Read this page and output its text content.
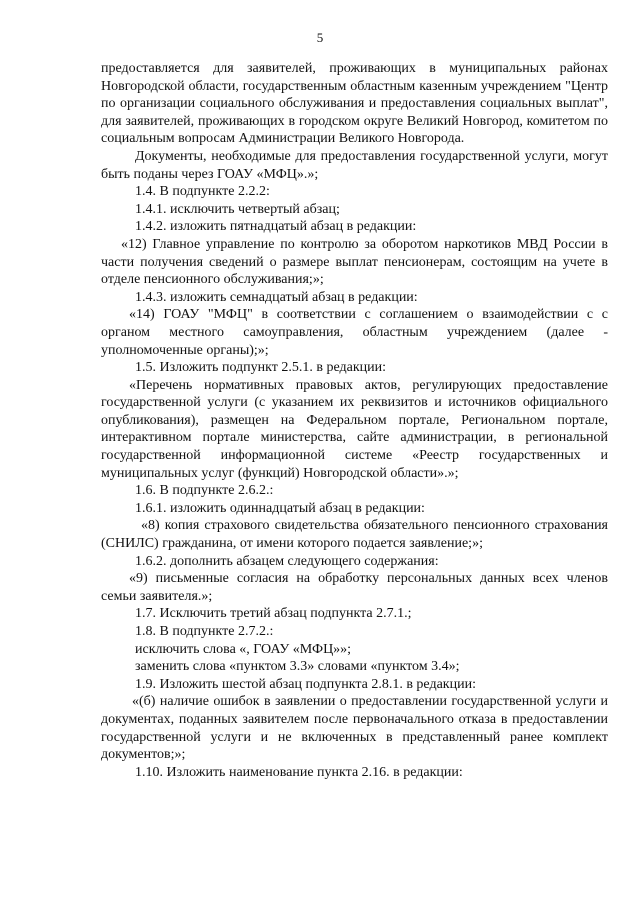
5

предоставляется для заявителей, проживающих в муниципальных районах Новгородской области, государственным областным казенным учреждением "Центр по организации социального обслуживания и предоставления социальных выплат", для заявителей, проживающих в городском округе Великий Новгород, комитетом по социальным вопросам Администрации Великого Новгорода.

Документы, необходимые для предоставления государственной услуги, могут быть поданы через ГОАУ «МФЦ».»;

1.4. В подпункте 2.2.2:

1.4.1. исключить четвертый абзац;

1.4.2. изложить пятнадцатый абзац в редакции:

«12) Главное управление по контролю за оборотом наркотиков МВД России в части получения сведений о размере выплат пенсионерам, состоящим на учете в отделе пенсионного обслуживания;»;

1.4.3. изложить семнадцатый абзац в редакции:

«14) ГОАУ "МФЦ" в соответствии с соглашением о взаимодействии с с органом местного самоуправления, областным учреждением (далее - уполномоченные органы);»;

1.5. Изложить подпункт 2.5.1. в редакции:

«Перечень нормативных правовых актов, регулирующих предоставление государственной услуги (с указанием их реквизитов и источников официального опубликования), размещен на Федеральном портале, Региональном портале, интерактивном портале министерства, сайте администрации, в региональной государственной информационной системе «Реестр государственных и муниципальных услуг (функций) Новгородской области».»;

1.6. В подпункте 2.6.2.:

1.6.1. изложить одиннадцатый абзац в редакции:

«8) копия страхового свидетельства обязательного пенсионного страхования (СНИЛС) гражданина, от имени которого подается заявление;»;

1.6.2. дополнить абзацем следующего содержания:

«9) письменные согласия на обработку персональных данных всех членов семьи заявителя.»;

1.7. Исключить третий абзац подпункта 2.7.1.;

1.8. В подпункте 2.7.2.:

исключить слова «, ГОАУ «МФЦ»»;

заменить слова «пунктом 3.3» словами «пунктом 3.4»;

1.9. Изложить шестой абзац подпункта 2.8.1. в редакции:

«(б) наличие ошибок в заявлении о предоставлении государственной услуги и документах, поданных заявителем после первоначального отказа в предоставлении государственной услуги и не включенных в представленный ранее комплект документов;»;

1.10. Изложить наименование пункта 2.16. в редакции:
